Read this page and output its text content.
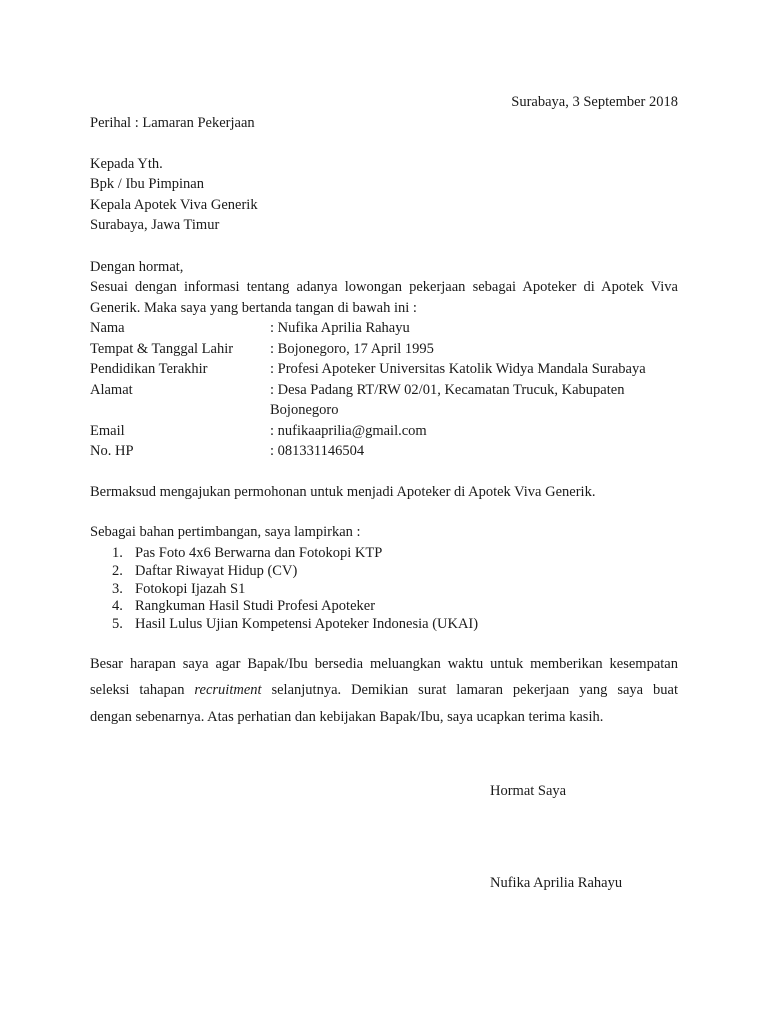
Surabaya, 3 September 2018
Perihal : Lamaran Pekerjaan
Kepada Yth.
Bpk / Ibu Pimpinan
Kepala Apotek Viva Generik
Surabaya, Jawa Timur
Dengan hormat,
Sesuai dengan informasi tentang adanya lowongan pekerjaan sebagai Apoteker di Apotek Viva
Generik. Maka saya yang bertanda tangan di bawah ini :
Nama	: Nufika Aprilia Rahayu
Tempat & Tanggal Lahir	: Bojonegoro, 17 April 1995
Pendidikan Terakhir	: Profesi Apoteker Universitas Katolik Widya Mandala Surabaya
Alamat	: Desa Padang RT/RW 02/01, Kecamatan Trucuk, Kabupaten
Bojonegoro
Email	: nufikaaprilia@gmail.com
No. HP	: 081331146504
Bermaksud mengajukan permohonan untuk menjadi Apoteker di Apotek Viva Generik.
Sebagai bahan pertimbangan, saya lampirkan :
1. Pas Foto 4x6 Berwarna dan Fotokopi KTP
2. Daftar Riwayat Hidup (CV)
3. Fotokopi Ijazah S1
4. Rangkuman Hasil Studi Profesi Apoteker
5. Hasil Lulus Ujian Kompetensi Apoteker Indonesia (UKAI)
Besar harapan saya agar Bapak/Ibu bersedia meluangkan waktu untuk memberikan kesempatan
seleksi tahapan recruitment selanjutnya. Demikian surat lamaran pekerjaan yang saya buat
dengan sebenarnya. Atas perhatian dan kebijakan Bapak/Ibu, saya ucapkan terima kasih.
Hormat Saya
Nufika Aprilia Rahayu
